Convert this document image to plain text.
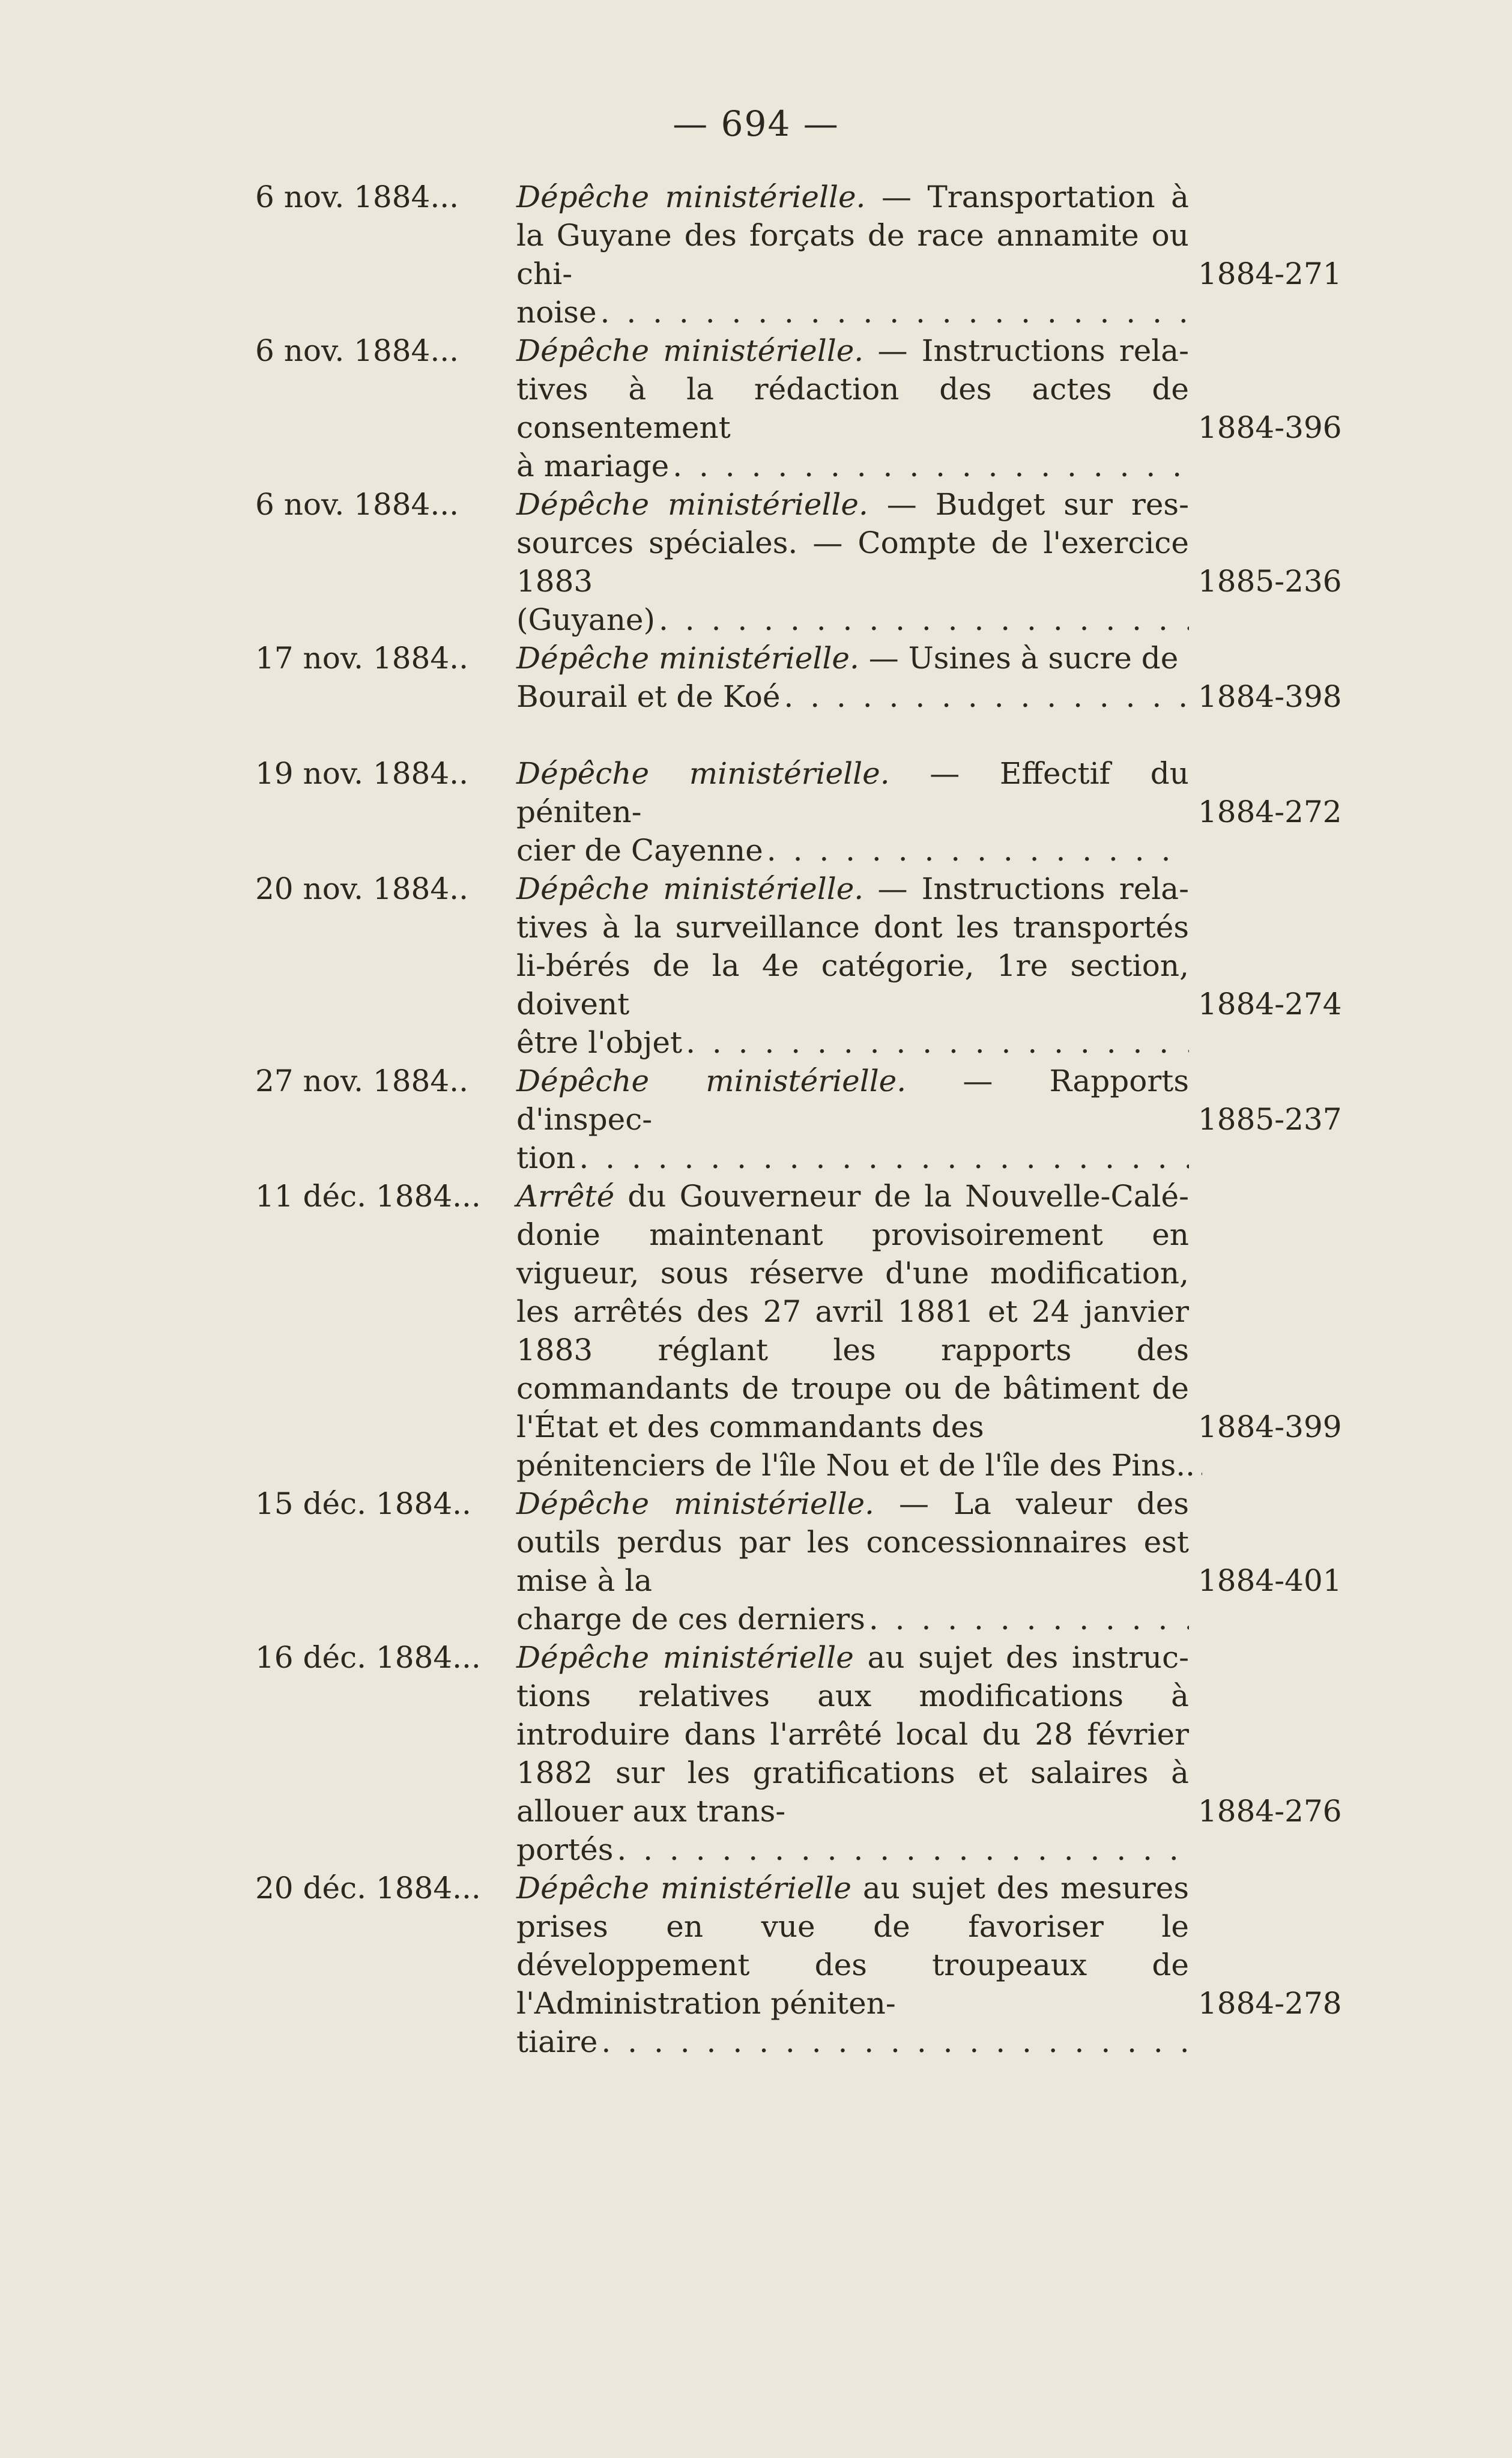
— 694 —
6 nov. 1884... Dépêche ministérielle. — Transportation à la Guyane des forçats de race annamite ou chi-
noise
. . .
1884-271
6 nov. 1884... Dépêche ministérielle. — Instructions rela-tives à la rédaction des actes de consentement
à mariage
. . .
1884-396
6 nov. 1884... Dépêche ministérielle. — Budget sur res-sources spéciales. — Compte de l'exercice 1883
(Guyane)
. . .
1885-236
17 nov. 1884.. Dépêche ministérielle. — Usines à sucre de
Bourail et de Koé
. . .	1884-398
19 nov. 1884.. Dépêche ministérielle. — Effectif du péniten-
cier de Cayenne
. . .
1884-272
20 nov. 1884.. Dépêche ministérielle. — Instructions rela-tives à la surveillance dont les transportés li-bérés de la 4e catégorie, 1re section, doivent
être l'objet
. . .
1884-274
27 nov. 1884.. Dépêche ministérielle. — Rapports d'inspec-
tion
. . .
1885-237
11 déc. 1884... Arrêté du Gouverneur de la Nouvelle-Calé-donie maintenant provisoirement en vigueur, sous réserve d'une modification, les arrêtés des 27 avril 1881 et 24 janvier 1883 réglant les rapports des commandants de troupe ou de bâtiment de l'État et des commandants des
pénitenciers de l'île Nou et de l'île des Pins..
. . .
1884-399
15 déc. 1884.. Dépêche ministérielle. — La valeur des outils perdus par les concessionnaires est mise à la
charge de ces derniers
. . .
1884-401
16 déc. 1884... Dépêche ministérielle au sujet des instruc-tions relatives aux modifications à introduire dans l'arrêté local du 28 février 1882 sur les gratifications et salaires à allouer aux trans-
portés
. . .
1884-276
20 déc. 1884... Dépêche ministérielle au sujet des mesures prises en vue de favoriser le développement des troupeaux de l'Administration péniten-
tiaire
. . .
1884-278
